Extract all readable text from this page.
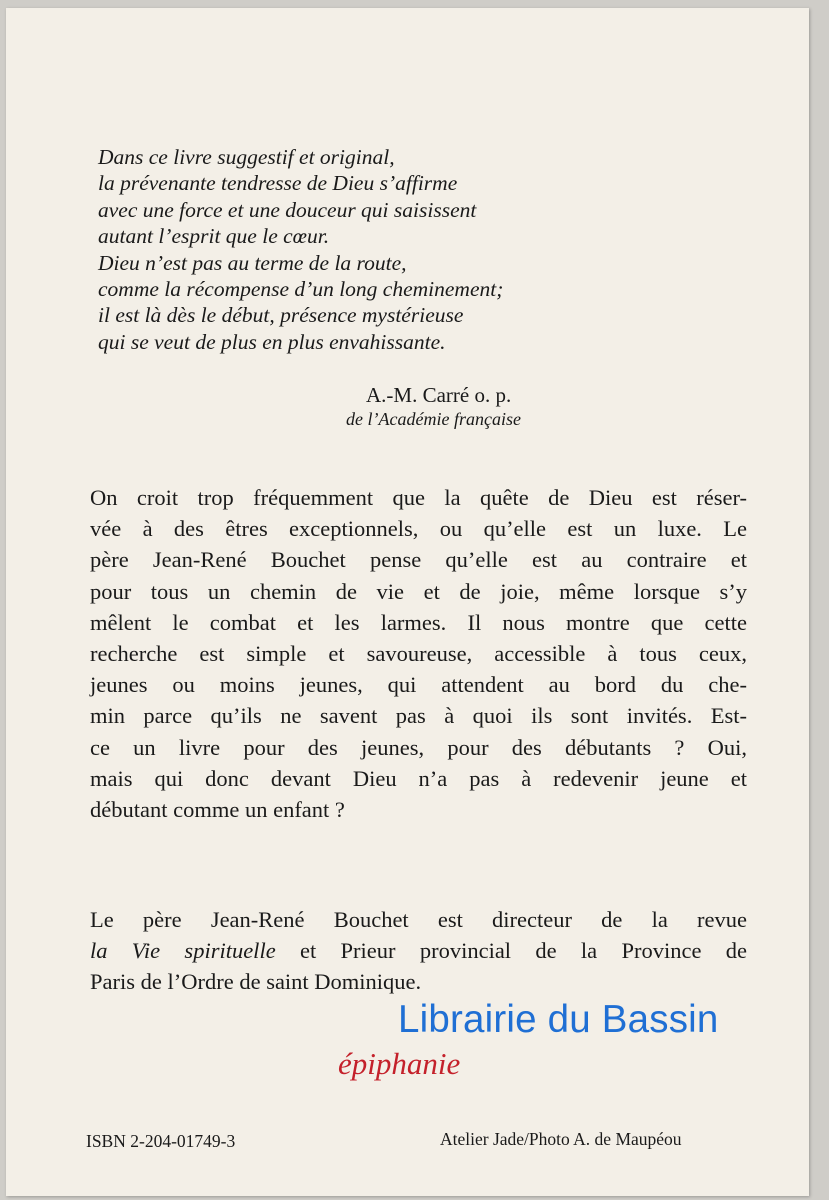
Dans ce livre suggestif et original,
la prévenante tendresse de Dieu s’affirme
avec une force et une douceur qui saisissent
autant l’esprit que le cœur.
Dieu n’est pas au terme de la route,
comme la récompense d’un long cheminement;
il est là dès le début, présence mystérieuse
qui se veut de plus en plus envahissante.
A.-M. Carré o. p.
de l’Académie française
On croit trop fréquemment que la quête de Dieu est réser-
vée à des êtres exceptionnels, ou qu’elle est un luxe. Le
père Jean-René Bouchet pense qu’elle est au contraire et
pour tous un chemin de vie et de joie, même lorsque s’y
mêlent le combat et les larmes. Il nous montre que cette
recherche est simple et savoureuse, accessible à tous ceux,
jeunes ou moins jeunes, qui attendent au bord du che-
min parce qu’ils ne savent pas à quoi ils sont invités. Est-
ce un livre pour des jeunes, pour des débutants ? Oui,
mais qui donc devant Dieu n’a pas à redevenir jeune et
débutant comme un enfant ?
Le père Jean-René Bouchet est directeur de la revue
la Vie spirituelle et Prieur provincial de la Province de
Paris de l’Ordre de saint Dominique.
Librairie du Bassin
épiphanie
ISBN 2-204-01749-3	Atelier Jade/Photo A. de Maupéou
